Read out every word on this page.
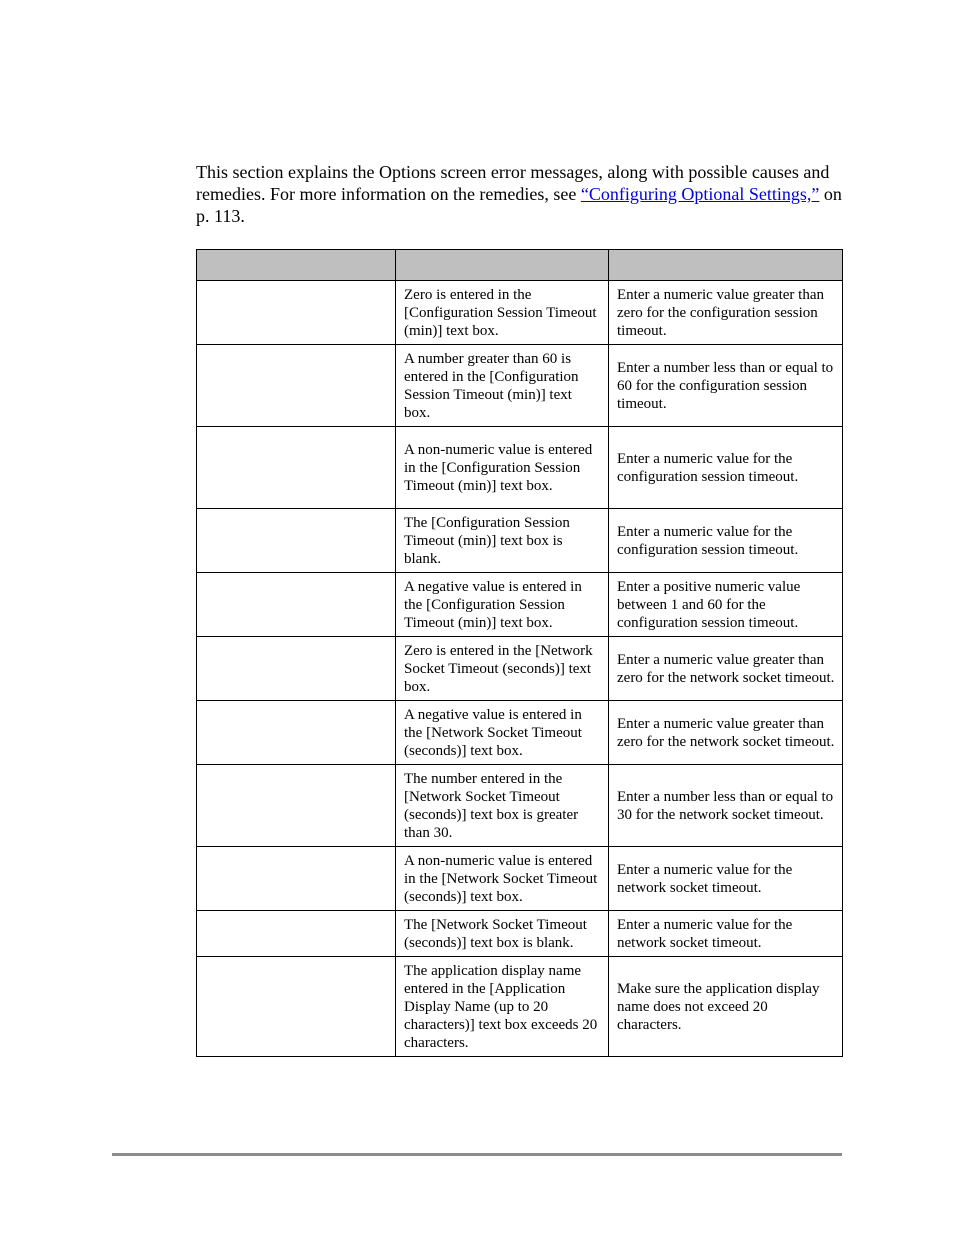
This section explains the Options screen error messages, along with possible causes and remedies. For more information on the remedies, see “Configuring Optional Settings,” on p. 113.

	Zero is entered in the [Configuration Session Timeout (min)] text box.	Enter a numeric value greater than zero for the configuration session timeout.
	A number greater than 60 is entered in the [Configuration Session Timeout (min)] text box.	Enter a number less than or equal to 60 for the configuration session timeout.
	A non-numeric value is entered in the [Configuration Session Timeout (min)] text box.	Enter a numeric value for the configuration session timeout.
	The [Configuration Session Timeout (min)] text box is blank.	Enter a numeric value for the configuration session timeout.
	A negative value is entered in the [Configuration Session Timeout (min)] text box.	Enter a positive numeric value between 1 and 60 for the configuration session timeout.
	Zero is entered in the [Network Socket Timeout (seconds)] text box.	Enter a numeric value greater than zero for the network socket timeout.
	A negative value is entered in the [Network Socket Timeout (seconds)] text box.	Enter a numeric value greater than zero for the network socket timeout.
	The number entered in the [Network Socket Timeout (seconds)] text box is greater than 30.	Enter a number less than or equal to 30 for the network socket timeout.
	A non-numeric value is entered in the [Network Socket Timeout (seconds)] text box.	Enter a numeric value for the network socket timeout.
	The [Network Socket Timeout (seconds)] text box is blank.	Enter a numeric value for the network socket timeout.
	The application display name entered in the [Application Display Name (up to 20 characters)] text box exceeds 20 characters.	Make sure the application display name does not exceed 20 characters.
